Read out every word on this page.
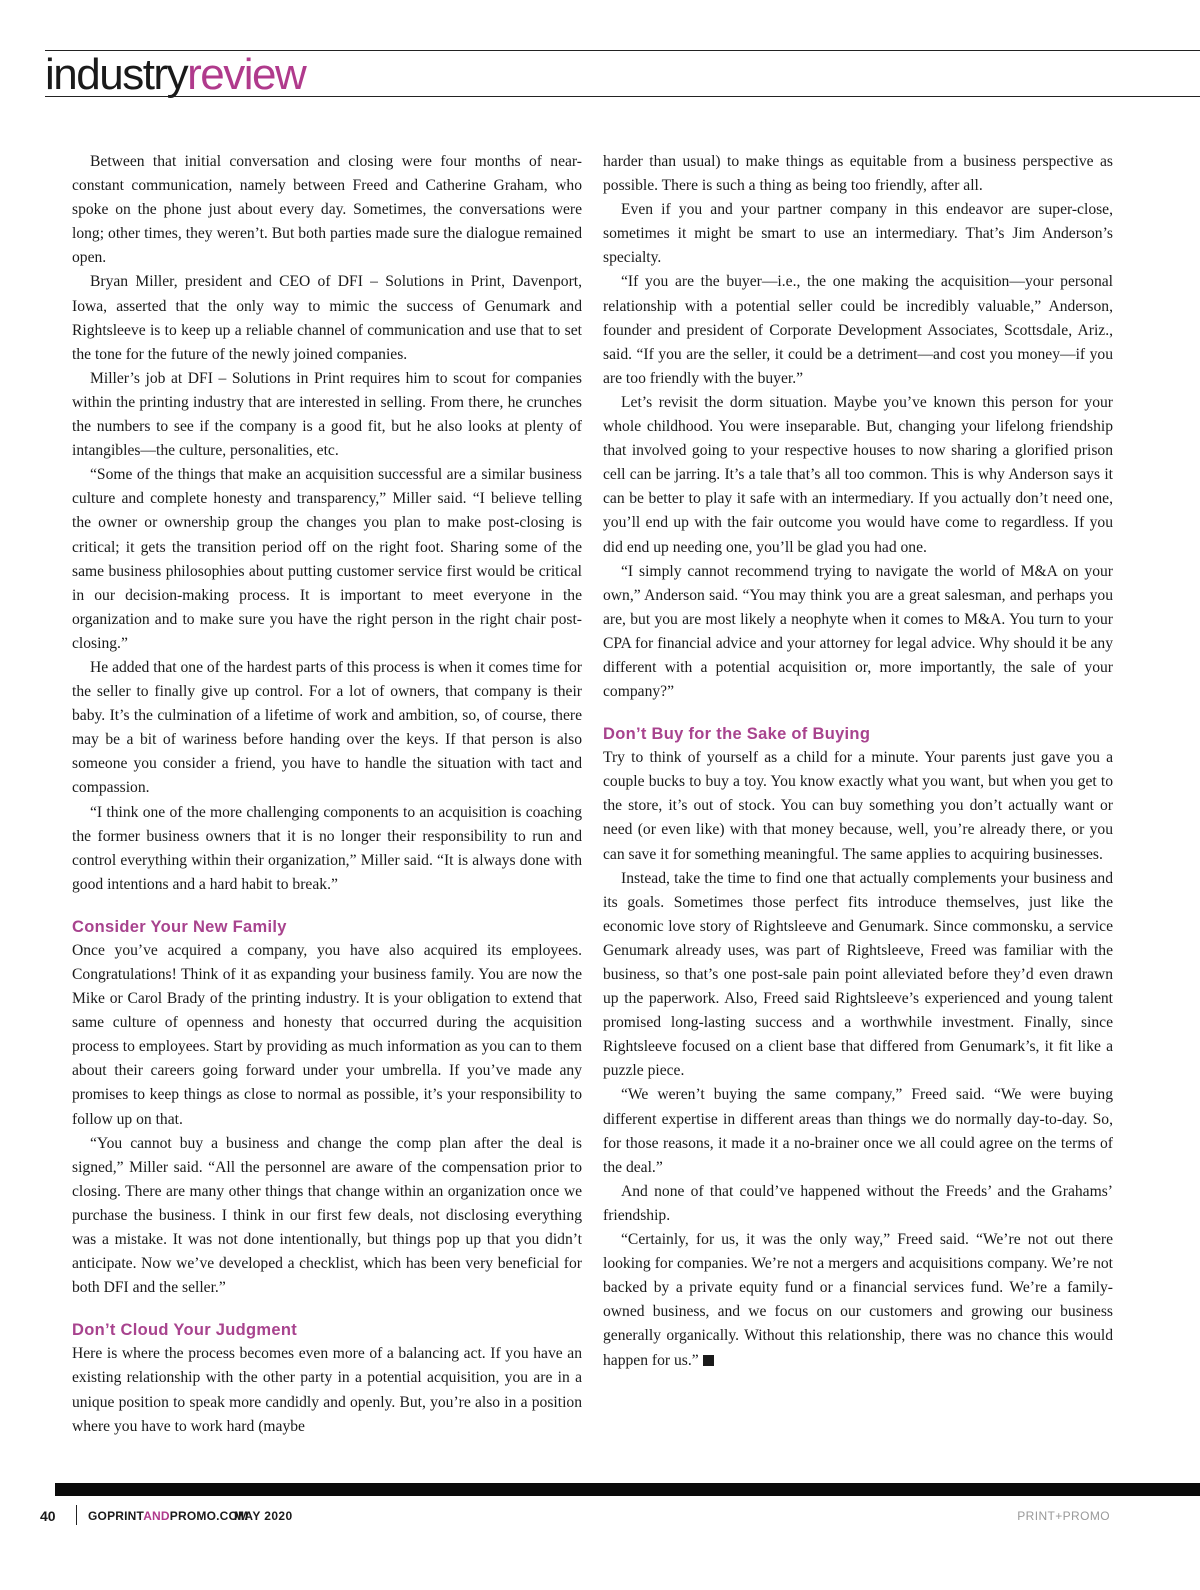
industryreview

Between that initial conversation and closing were four months of near-constant communication, namely between Freed and Catherine Graham, who spoke on the phone just about every day. Sometimes, the conversations were long; other times, they weren’t. But both parties made sure the dialogue remained open.

Bryan Miller, president and CEO of DFI – Solutions in Print, Davenport, Iowa, asserted that the only way to mimic the success of Genumark and Rightsleeve is to keep up a reliable channel of communication and use that to set the tone for the future of the newly joined companies.

Miller’s job at DFI – Solutions in Print requires him to scout for companies within the printing industry that are interested in selling. From there, he crunches the numbers to see if the company is a good fit, but he also looks at plenty of intangibles—the culture, personalities, etc.

“Some of the things that make an acquisition successful are a similar business culture and complete honesty and transparency,” Miller said. “I believe telling the owner or ownership group the changes you plan to make post-closing is critical; it gets the transition period off on the right foot. Sharing some of the same business philosophies about putting customer service first would be critical in our decision-making process. It is important to meet everyone in the organization and to make sure you have the right person in the right chair post-closing.”

He added that one of the hardest parts of this process is when it comes time for the seller to finally give up control. For a lot of owners, that company is their baby. It’s the culmination of a lifetime of work and ambition, so, of course, there may be a bit of wariness before handing over the keys. If that person is also someone you consider a friend, you have to handle the situation with tact and compassion.

“I think one of the more challenging components to an acquisition is coaching the former business owners that it is no longer their responsibility to run and control everything within their organization,” Miller said. “It is always done with good intentions and a hard habit to break.”

Consider Your New Family

Once you’ve acquired a company, you have also acquired its employees. Congratulations! Think of it as expanding your business family. You are now the Mike or Carol Brady of the printing industry. It is your obligation to extend that same culture of openness and honesty that occurred during the acquisition process to employees. Start by providing as much information as you can to them about their careers going forward under your umbrella. If you’ve made any promises to keep things as close to normal as possible, it’s your responsibility to follow up on that.

“You cannot buy a business and change the comp plan after the deal is signed,” Miller said. “All the personnel are aware of the compensation prior to closing. There are many other things that change within an organization once we purchase the business. I think in our first few deals, not disclosing everything was a mistake. It was not done intentionally, but things pop up that you didn’t anticipate. Now we’ve developed a checklist, which has been very beneficial for both DFI and the seller.”

Don’t Cloud Your Judgment

Here is where the process becomes even more of a balancing act. If you have an existing relationship with the other party in a potential acquisition, you are in a unique position to speak more candidly and openly. But, you’re also in a position where you have to work hard (maybe

harder than usual) to make things as equitable from a business perspective as possible. There is such a thing as being too friendly, after all.

Even if you and your partner company in this endeavor are super-close, sometimes it might be smart to use an intermediary. That’s Jim Anderson’s specialty.

“If you are the buyer—i.e., the one making the acquisition—your personal relationship with a potential seller could be incredibly valuable,” Anderson, founder and president of Corporate Development Associates, Scottsdale, Ariz., said. “If you are the seller, it could be a detriment—and cost you money—if you are too friendly with the buyer.”

Let’s revisit the dorm situation. Maybe you’ve known this person for your whole childhood. You were inseparable. But, changing your lifelong friendship that involved going to your respective houses to now sharing a glorified prison cell can be jarring. It’s a tale that’s all too common. This is why Anderson says it can be better to play it safe with an intermediary. If you actually don’t need one, you’ll end up with the fair outcome you would have come to regardless. If you did end up needing one, you’ll be glad you had one.

“I simply cannot recommend trying to navigate the world of M&A on your own,” Anderson said. “You may think you are a great salesman, and perhaps you are, but you are most likely a neophyte when it comes to M&A. You turn to your CPA for financial advice and your attorney for legal advice. Why should it be any different with a potential acquisition or, more importantly, the sale of your company?”

Don’t Buy for the Sake of Buying

Try to think of yourself as a child for a minute. Your parents just gave you a couple bucks to buy a toy. You know exactly what you want, but when you get to the store, it’s out of stock. You can buy something you don’t actually want or need (or even like) with that money because, well, you’re already there, or you can save it for something meaningful. The same applies to acquiring businesses.

Instead, take the time to find one that actually complements your business and its goals. Sometimes those perfect fits introduce themselves, just like the economic love story of Rightsleeve and Genumark. Since commonsku, a service Genumark already uses, was part of Rightsleeve, Freed was familiar with the business, so that’s one post-sale pain point alleviated before they’d even drawn up the paperwork. Also, Freed said Rightsleeve’s experienced and young talent promised long-lasting success and a worthwhile investment. Finally, since Rightsleeve focused on a client base that differed from Genumark’s, it fit like a puzzle piece.

“We weren’t buying the same company,” Freed said. “We were buying different expertise in different areas than things we do normally day-to-day. So, for those reasons, it made it a no-brainer once we all could agree on the terms of the deal.”

And none of that could’ve happened without the Freeds’ and the Grahams’ friendship.

“Certainly, for us, it was the only way,” Freed said. “We’re not out there looking for companies. We’re not a mergers and acquisitions company. We’re not backed by a private equity fund or a financial services fund. We’re a family-owned business, and we focus on our customers and growing our business generally organically. Without this relationship, there was no chance this would happen for us.” +

40	GOPRINTANDPROMO.COM
MAY 2020	PRINT+PROMO
